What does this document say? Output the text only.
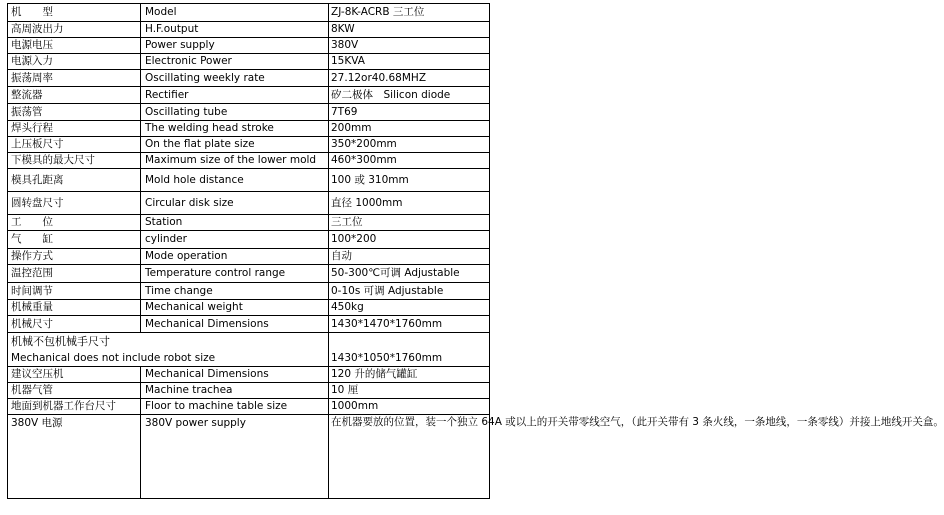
机　　型	Model	ZJ-8K-ACRB 三工位
高周波出力	H.F.output	8KW
电源电压	Power supply	380V
电源入力	Electronic Power	15KVA
振荡周率	Oscillating weekly rate	27.12or40.68MHZ
整流器	Rectifier	矽二极体　Silicon diode
振荡管	Oscillating tube	7T69
焊头行程	The welding head stroke	200mm
上压板尺寸	On the flat plate size	350*200mm
下模具的最大尺寸	Maximum size of the lower mold	460*300mm
模具孔距离	Mold hole distance	100 或 310mm
圆转盘尺寸	Circular disk size	直径 1000mm
工　　位	Station	三工位
气　　缸	cylinder	100*200
操作方式	Mode operation	自动
温控范围	Temperature control range	50-300℃可调 Adjustable
时间调节	Time change	0-10s 可调 Adjustable
机械重量	Mechanical weight	450kg
机械尺寸	Mechanical Dimensions	1430*1470*1760mm

机械不包机械手尺寸
Mechanical does not include robot size		1430*1050*1760mm
建议空压机	Mechanical Dimensions	120 升的储气罐缸
机器气管	Machine trachea	10 厘
地面到机器工作台尺寸	Floor to machine table size	1000mm
380V 电源	380V power supply	在机器要放的位置，装一个独立 64A 或以上的开关带零线空气，（此开关带有 3 条火线，一条地线，一条零线）并接上地线开关盒。
